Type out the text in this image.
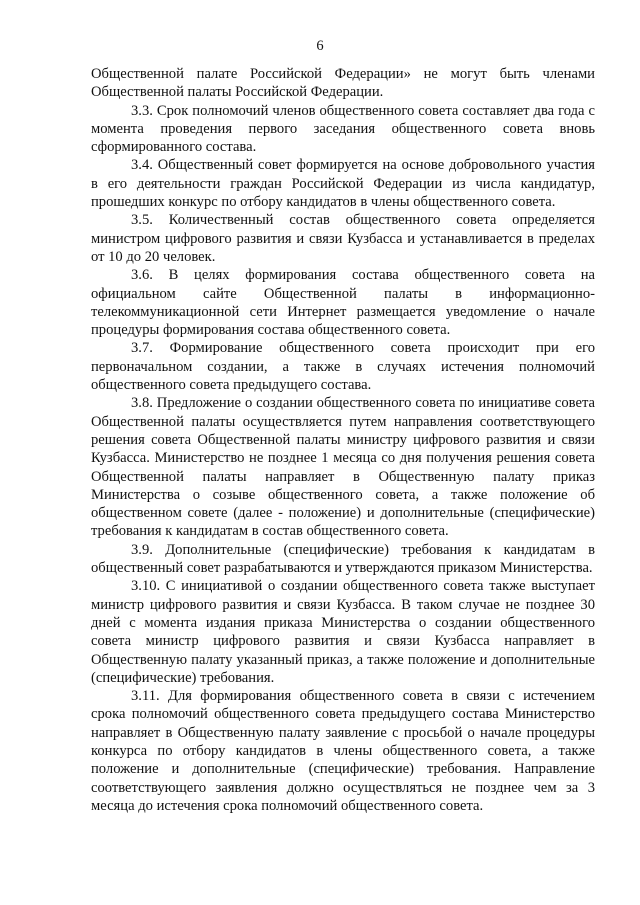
6

Общественной палате Российской Федерации» не могут быть членами Общественной палаты Российской Федерации.

3.3. Срок полномочий членов общественного совета составляет два года с момента проведения первого заседания общественного совета вновь сформированного состава.

3.4. Общественный совет формируется на основе добровольного участия в его деятельности граждан Российской Федерации из числа кандидатур, прошедших конкурс по отбору кандидатов в члены общественного совета.

3.5. Количественный состав общественного совета определяется министром цифрового развития и связи Кузбасса и устанавливается в пределах от 10 до 20 человек.

3.6. В целях формирования состава общественного совета на официальном сайте Общественной палаты в информационно-телекоммуникационной сети Интернет размещается уведомление о начале процедуры формирования состава общественного совета.

3.7. Формирование общественного совета происходит при его первоначальном создании, а также в случаях истечения полномочий общественного совета предыдущего состава.

3.8. Предложение о создании общественного совета по инициативе совета Общественной палаты осуществляется путем направления соответствующего решения совета Общественной палаты министру цифрового развития и связи Кузбасса. Министерство не позднее 1 месяца со дня получения решения совета Общественной палаты направляет в Общественную палату приказ Министерства о созыве общественного совета, а также положение об общественном совете (далее - положение) и дополнительные (специфические) требования к кандидатам в состав общественного совета.

3.9. Дополнительные (специфические) требования к кандидатам в общественный совет разрабатываются и утверждаются приказом Министерства.

3.10. С инициативой о создании общественного совета также выступает министр цифрового развития и связи Кузбасса. В таком случае не позднее 30 дней с момента издания приказа Министерства о создании общественного совета министр цифрового развития и связи Кузбасса направляет в Общественную палату указанный приказ, а также положение и дополнительные (специфические) требования.

3.11. Для формирования общественного совета в связи с истечением срока полномочий общественного совета предыдущего состава Министерство направляет в Общественную палату заявление с просьбой о начале процедуры конкурса по отбору кандидатов в члены общественного совета, а также положение и дополнительные (специфические) требования. Направление соответствующего заявления должно осуществляться не позднее чем за 3 месяца до истечения срока полномочий общественного совета.
